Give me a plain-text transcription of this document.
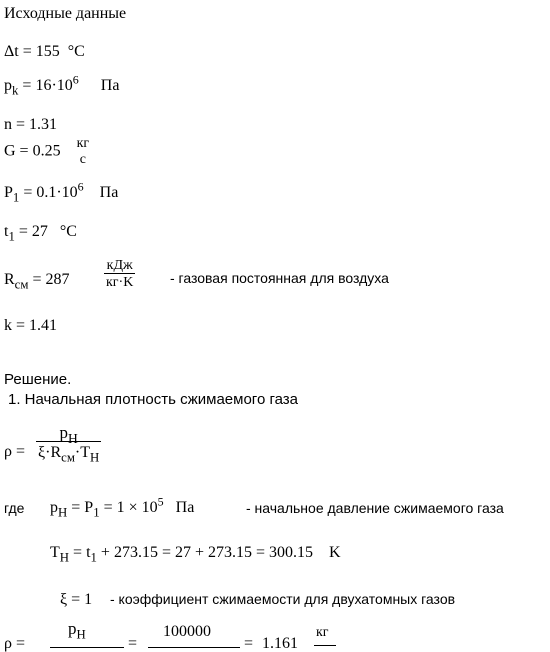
Исходные данные
Δt = 155 °C
$p_k = 16\cdot 10^6$ Па
n = 1.31
G = 0.25 кг
с
$P_1 = 0.1\cdot 10^6$ Па
$t_1 = 27$ °C
$R_{см} = 287 \frac{\text{кДж}}{кг\cdot K}$ - газовая постоянная для воздуха
k = 1.41
Решение.
1. Начальная плотность сжимаемого газа
$\rho = \frac{p_H}{\xi\cdot R_{см}\cdot T_H}$
где $p_H = P_1 = 1 \times 10^5$ Па	- начальное давление сжимаемого газа
$T_H = t_1 + 273.15 = 27 + 273.15 = 300.15$ K
ξ = 1 - коэффициент сжимаемости для двухатомных газов
ρ =
$p_H$
=
100000
= 1.161
кг
